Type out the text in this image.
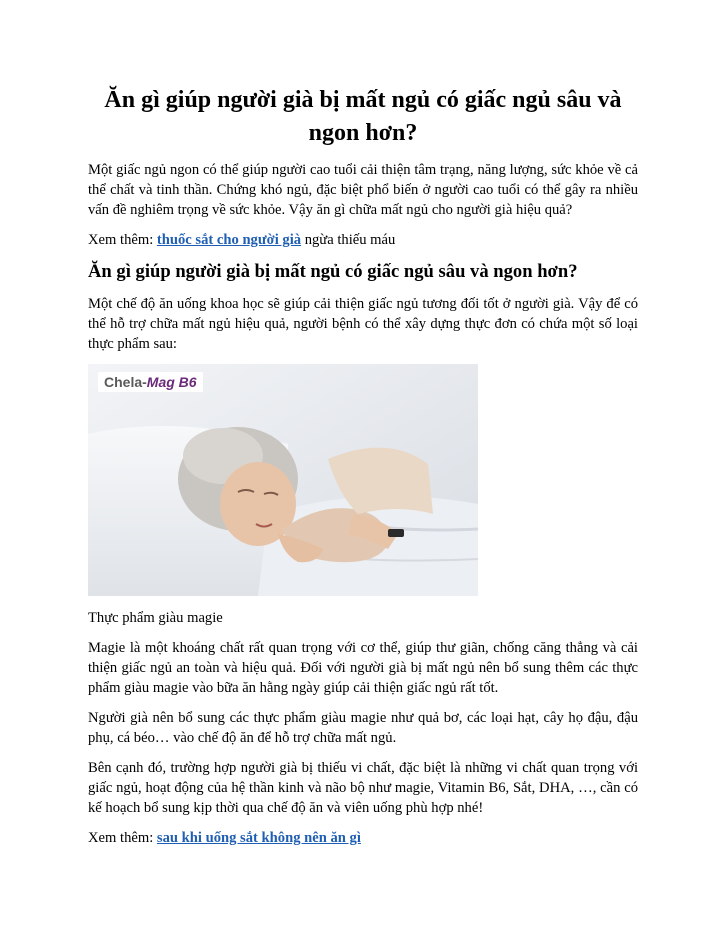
Ăn gì giúp người già bị mất ngủ có giấc ngủ sâu và ngon hơn?

Một giấc ngủ ngon có thể giúp người cao tuổi cải thiện tâm trạng, năng lượng, sức khỏe về cả thể chất và tinh thần. Chứng khó ngủ, đặc biệt phổ biến ở người cao tuổi có thể gây ra nhiều vấn đề nghiêm trọng về sức khỏe. Vậy ăn gì chữa mất ngủ cho người già hiệu quả?

Xem thêm: thuốc sắt cho người già ngừa thiếu máu

Ăn gì giúp người già bị mất ngủ có giấc ngủ sâu và ngon hơn?

Một chế độ ăn uống khoa học sẽ giúp cải thiện giấc ngủ tương đối tốt ở người già. Vậy để có thể hỗ trợ chữa mất ngủ hiệu quả, người bệnh có thể xây dựng thực đơn có chứa một số loại thực phẩm sau:

Chela-Mag B6

Thực phẩm giàu magie

Magie là một khoáng chất rất quan trọng với cơ thể, giúp thư giãn, chống căng thẳng và cải thiện giấc ngủ an toàn và hiệu quả. Đối với người già bị mất ngủ nên bổ sung thêm các thực phẩm giàu magie vào bữa ăn hằng ngày giúp cải thiện giấc ngủ rất tốt.

Người già nên bổ sung các thực phẩm giàu magie như quả bơ, các loại hạt, cây họ đậu, đậu phụ, cá béo… vào chế độ ăn để hỗ trợ chữa mất ngủ.

Bên cạnh đó, trường hợp người già bị thiếu vi chất, đặc biệt là những vi chất quan trọng với giấc ngủ, hoạt động của hệ thần kinh và não bộ như magie, Vitamin B6, Sắt, DHA, …, cần có kế hoạch bổ sung kịp thời qua chế độ ăn và viên uống phù hợp nhé!

Xem thêm: sau khi uống sắt không nên ăn gì
